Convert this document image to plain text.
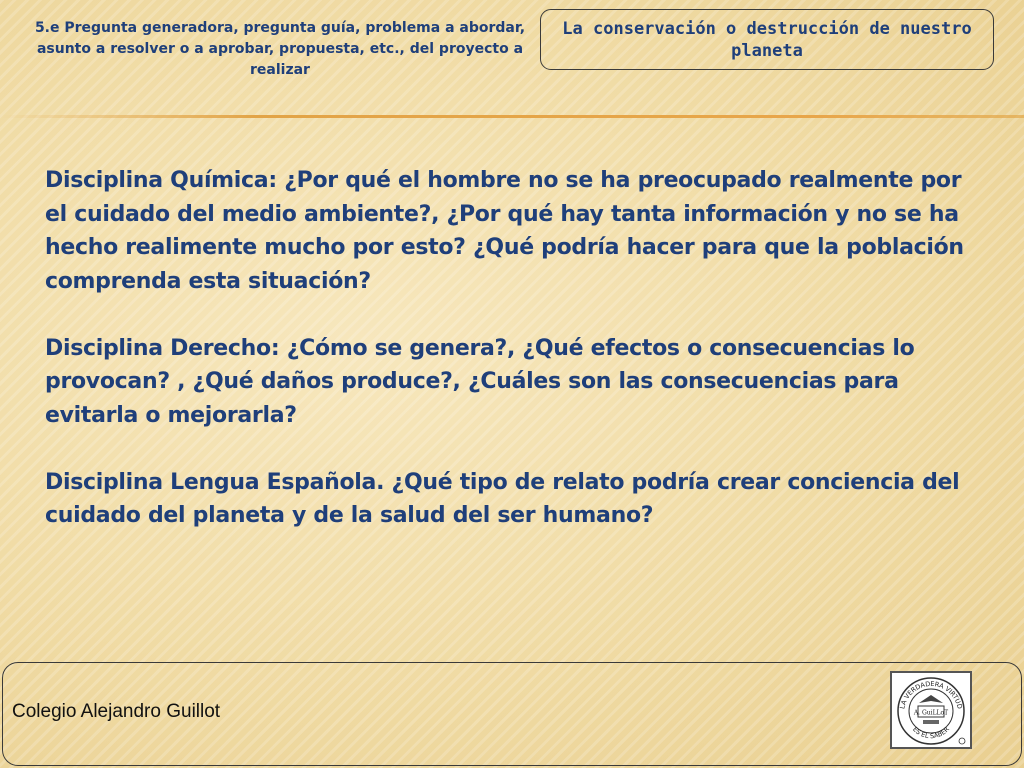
5.e Pregunta generadora, pregunta guía, problema a abordar, asunto a resolver o a aprobar, propuesta, etc., del proyecto a realizar
La conservación o destrucción de nuestro planeta

Disciplina Química: ¿Por qué el hombre no se ha preocupado realmente por el cuidado del medio ambiente?, ¿Por qué hay tanta información y no se ha hecho realimente mucho por esto? ¿Qué podría hacer para que la población comprenda esta situación?

Disciplina Derecho: ¿Cómo se genera?, ¿Qué efectos o consecuencias lo provocan? , ¿Qué daños produce?, ¿Cuáles son las consecuencias para evitarla o mejorarla?

Disciplina Lengua Española. ¿Qué tipo de relato podría crear conciencia del cuidado del planeta y de la salud del ser humano?

Colegio Alejandro Guillot	LA VERDADERA VIRTUD
ES EL SABER
A. GuiLLoT
